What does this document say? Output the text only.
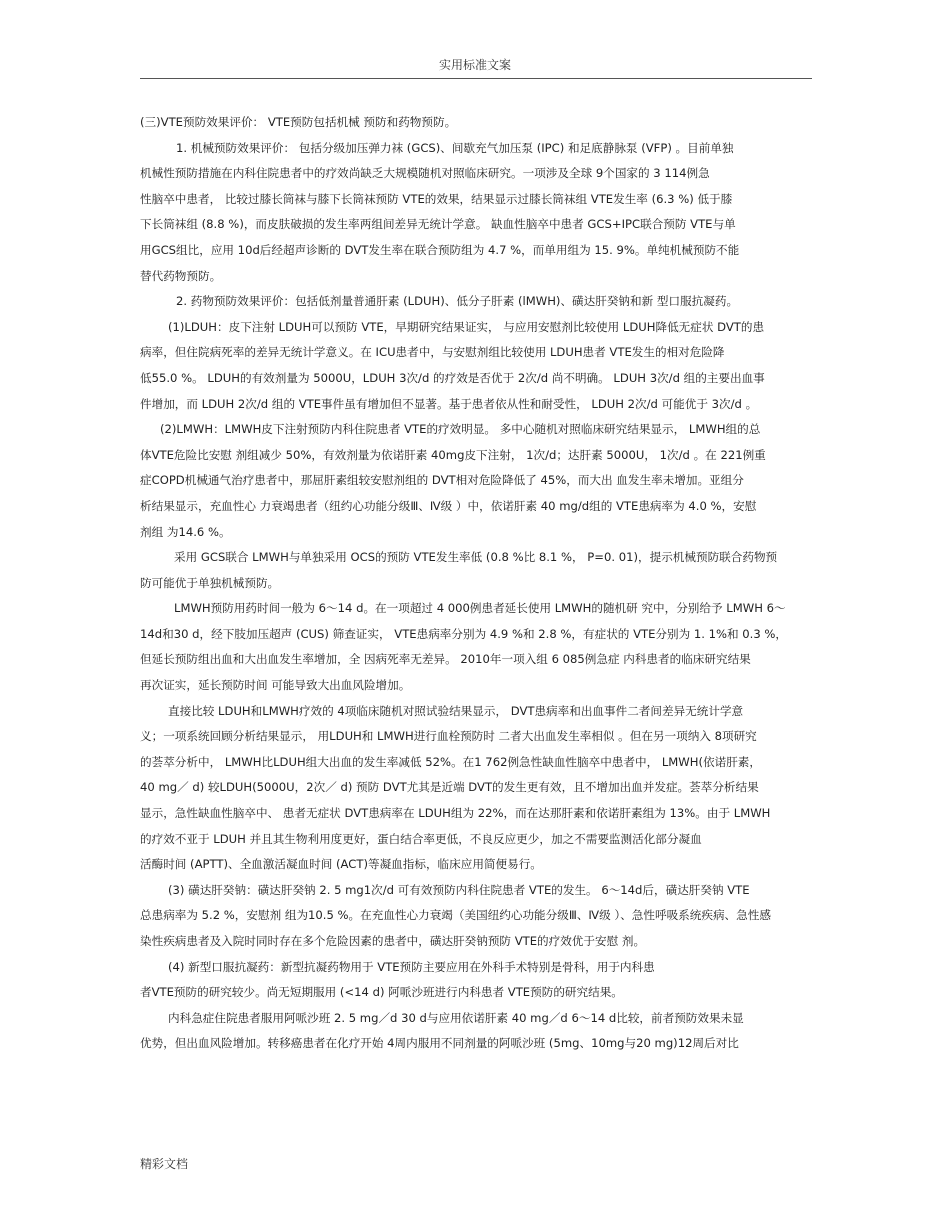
实用标准文案
(三)VTE预防效果评价： VTE预防包括机械 预防和药物预防。
1. 机械预防效果评价： 包括分级加压弹力袜 (GCS)、间歇充气加压泵 (IPC) 和足底静脉泵 (VFP) 。目前单独
机械性预防措施在内科住院患者中的疗效尚缺乏大规模随机对照临床研究。一项涉及全球 9个国家的 3 114例急
性脑卒中患者， 比较过膝长筒袜与膝下长筒袜预防 VTE的效果，结果显示过膝长筒袜组 VTE发生率 (6.3 %) 低于膝
下长筒袜组 (8.8 %)，而皮肤破损的发生率两组间差异无统计学意。 缺血性脑卒中患者 GCS+IPC联合预防 VTE与单
用GCS组比，应用 10d后经超声诊断的 DVT发生率在联合预防组为 4.7 %，而单用组为 15. 9%。单纯机械预防不能
替代药物预防。
2. 药物预防效果评价：包括低剂量普通肝素 (LDUH)、低分子肝素 (lMWH)、磺达肝癸钠和新 型口服抗凝药。
(1)LDUH：皮下注射 LDUH可以预防 VTE，早期研究结果证实， 与应用安慰剂比较使用 LDUH降低无症状 DVT的患
病率，但住院病死率的差异无统计学意义。在 ICU患者中，与安慰剂组比较使用 LDUH患者 VTE发生的相对危险降
低55.0 %。 LDUH的有效剂量为 5000U，LDUH 3次/d 的疗效是否优于 2次/d 尚不明确。 LDUH 3次/d 组的主要出血事
件增加，而 LDUH 2次/d 组的 VTE事件虽有增加但不显著。基于患者依从性和耐受性， LDUH 2次/d 可能优于 3次/d 。
(2)LMWH：LMWH皮下注射预防内科住院患者 VTE的疗效明显。 多中心随机对照临床研究结果显示， LMWH组的总
体VTE危险比安慰 剂组减少 50%，有效剂量为依诺肝素 40mg皮下注射， 1次/d；达肝素 5000U， 1次/d 。在 221例重
症COPD机械通气治疗患者中，那屈肝素组较安慰剂组的 DVT相对危险降低了 45%，而大出 血发生率未增加。亚组分
析结果显示，充血性心 力衰竭患者（纽约心功能分级Ⅲ、Ⅳ级 ）中，依诺肝素 40 mg/d组的 VTE患病率为 4.0 %，安慰
剂组 为14.6 %。
采用 GCS联合 LMWH与单独采用 OCS的预防 VTE发生率低 (0.8 %比 8.1 %， P=0. 01)，提示机械预防联合药物预
防可能优于单独机械预防。
LMWH预防用药时间一般为 6～14 d。在一项超过 4 000例患者延长使用 LMWH的随机研 究中，分别给予 LMWH 6～
14d和30 d，经下肢加压超声 (CUS) 筛查证实， VTE患病率分别为 4.9 %和 2.8 %，有症状的 VTE分别为 1. 1%和 0.3 %，
但延长预防组出血和大出血发生率增加，全 因病死率无差异。 2010年一项入组 6 085例急症 内科患者的临床研究结果
再次证实，延长预防时间 可能导致大出血风险增加。
直接比较 LDUH和LMWH疗效的 4项临床随机对照试验结果显示， DVT患病率和出血事件二者间差异无统计学意
义；一项系统回顾分析结果显示， 用LDUH和 LMWH进行血栓预防时 二者大出血发生率相似 。但在另一项纳入 8项研究
的荟萃分析中， LMWH比LDUH组大出血的发生率减低 52%。在1 762例急性缺血性脑卒中患者中， LMWH(依诺肝素，
40 mg／ d) 较LDUH(5000U，2次／ d) 预防 DVT尤其是近端 DVT的发生更有效，且不增加出血并发症。荟萃分析结果
显示，急性缺血性脑卒中、 患者无症状 DVT患病率在 LDUH组为 22%，而在达那肝素和依诺肝素组为 13%。由于 LMWH
的疗效不亚于 LDUH 并且其生物利用度更好，蛋白结合率更低，不良反应更少，加之不需要监测活化部分凝血
活酶时间 (APTT)、全血激活凝血时间 (ACT)等凝血指标，临床应用简便易行。
(3) 磺达肝癸钠：磺达肝癸钠 2. 5 mg1次/d 可有效预防内科住院患者 VTE的发生。 6～14d后，磺达肝癸钠 VTE
总患病率为 5.2 %，安慰剂 组为10.5 %。在充血性心力衰竭（美国纽约心功能分级Ⅲ、Ⅳ级 ）、急性呼吸系统疾病、急性感
染性疾病患者及入院时同时存在多个危险因素的患者中，磺达肝癸钠预防 VTE的疗效优于安慰 剂。
(4) 新型口服抗凝药：新型抗凝药物用于 VTE预防主要应用在外科手术特别是骨科，用于内科患
者VTE预防的研究较少。尚无短期服用 (<14 d) 阿哌沙班进行内科患者 VTE预防的研究结果。
内科急症住院患者服用阿哌沙班 2. 5 mg／d 30 d与应用依诺肝素 40 mg／d 6～14 d比较，前者预防效果未显
优势，但出血风险增加。转移癌患者在化疗开始 4周内服用不同剂量的阿哌沙班 (5mg、10mg与20 mg)12周后对比
精彩文档
